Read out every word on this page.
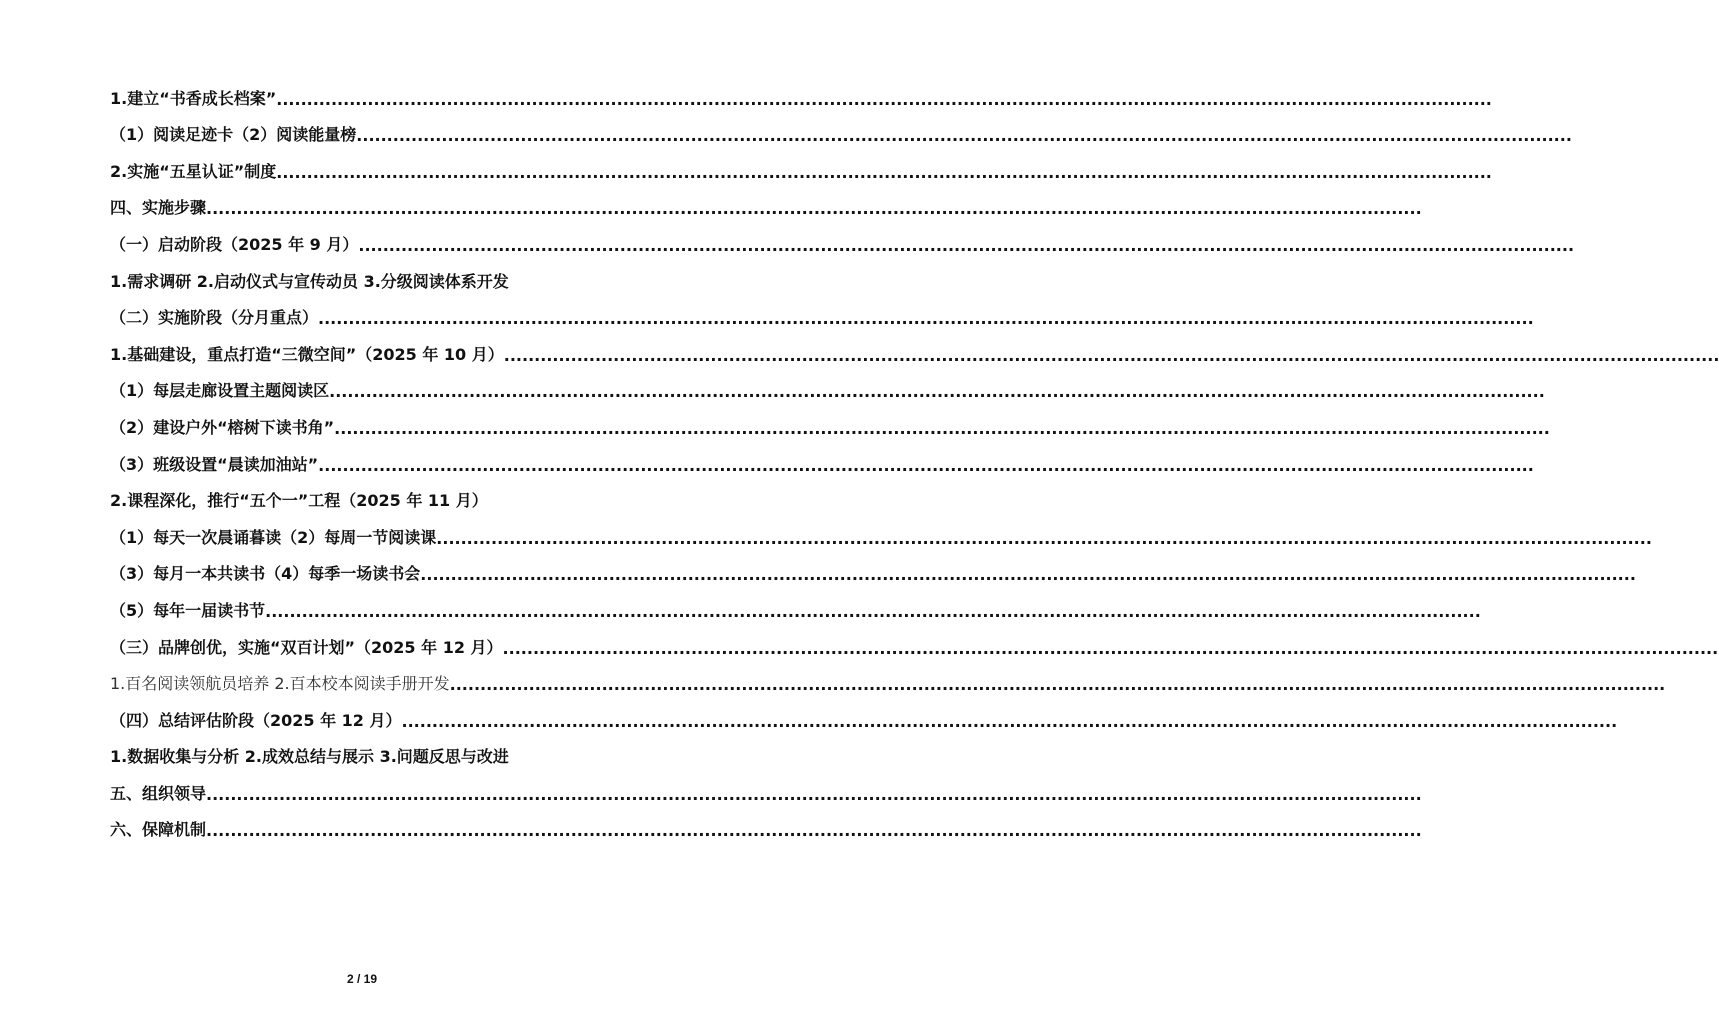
1.建立“书香成长档案” ........................................................................................................................................................................................................
（1）阅读足迹卡（2）阅读能量榜 ........................................................................................................................................................................................................
2.实施“五星认证”制度 ........................................................................................................................................................................................................
四、实施步骤 ........................................................................................................................................................................................................
（一）启动阶段（2025 年 9 月） ........................................................................................................................................................................................................
1.需求调研 2.启动仪式与宣传动员 3.分级阅读体系开发
（二）实施阶段（分月重点） ........................................................................................................................................................................................................
1.基础建设，重点打造“三微空间”（2025 年 10 月） ........................................................................................................................................................................................................
（1）每层走廊设置主题阅读区 ........................................................................................................................................................................................................
（2）建设户外“榕树下读书角” ........................................................................................................................................................................................................
（3）班级设置“晨读加油站” ........................................................................................................................................................................................................
2.课程深化，推行“五个一”工程（2025 年 11 月）
（1）每天一次晨诵暮读（2）每周一节阅读课 ........................................................................................................................................................................................................
（3）每月一本共读书（4）每季一场读书会 ........................................................................................................................................................................................................
（5）每年一届读书节 ........................................................................................................................................................................................................
（三）品牌创优，实施“双百计划”（2025 年 12 月） ........................................................................................................................................................................................................
1.百名阅读领航员培养 2.百本校本阅读手册开发 ........................................................................................................................................................................................................
（四）总结评估阶段（2025 年 12 月） ........................................................................................................................................................................................................
1.数据收集与分析 2.成效总结与展示 3.问题反思与改进
五、组织领导 ........................................................................................................................................................................................................
六、保障机制 ........................................................................................................................................................................................................
2 / 19
